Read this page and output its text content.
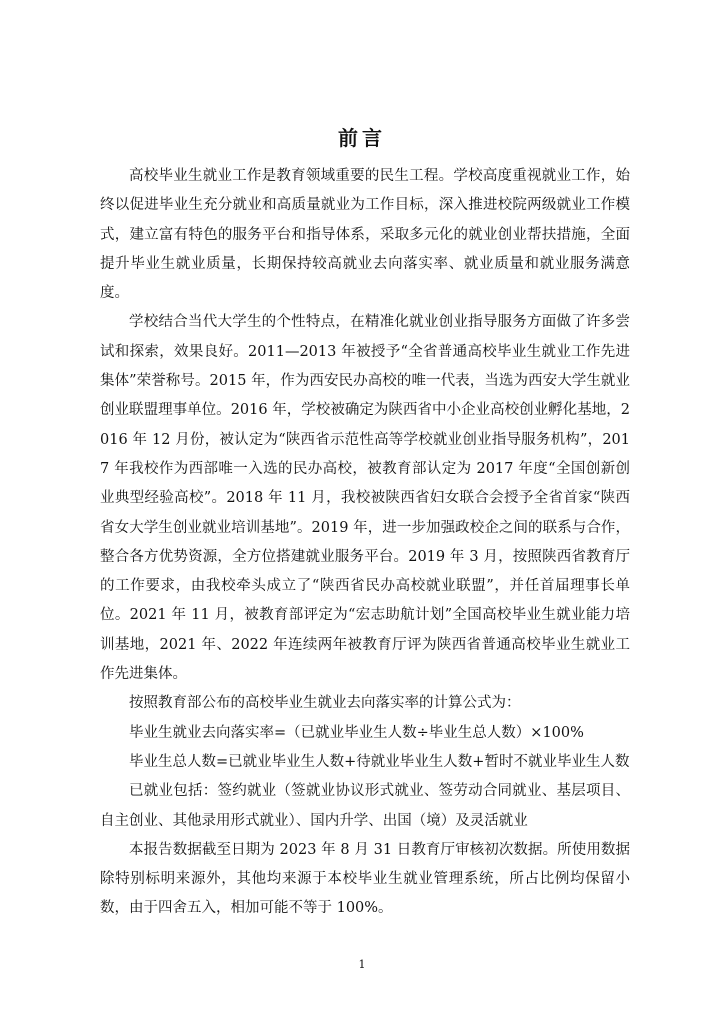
前言

高校毕业生就业工作是教育领域重要的民生工程。学校高度重视就业工作，始终以促进毕业生充分就业和高质量就业为工作目标，深入推进校院两级就业工作模式，建立富有特色的服务平台和指导体系，采取多元化的就业创业帮扶措施，全面提升毕业生就业质量，长期保持较高就业去向落实率、就业质量和就业服务满意度。

学校结合当代大学生的个性特点，在精准化就业创业指导服务方面做了许多尝试和探索，效果良好。2011—2013 年被授予“全省普通高校毕业生就业工作先进集体”荣誉称号。2015 年，作为西安民办高校的唯一代表，当选为西安大学生就业创业联盟理事单位。2016 年，学校被确定为陕西省中小企业高校创业孵化基地，2016 年 12 月份，被认定为“陕西省示范性高等学校就业创业指导服务机构”，2017 年我校作为西部唯一入选的民办高校，被教育部认定为 2017 年度“全国创新创业典型经验高校”。2018 年 11 月，我校被陕西省妇女联合会授予全省首家“陕西省女大学生创业就业培训基地”。2019 年，进一步加强政校企之间的联系与合作，整合各方优势资源，全方位搭建就业服务平台。2019 年 3 月，按照陕西省教育厅的工作要求，由我校牵头成立了“陕西省民办高校就业联盟”，并任首届理事长单位。2021 年 11 月，被教育部评定为“宏志助航计划”全国高校毕业生就业能力培训基地，2021 年、2022 年连续两年被教育厅评为陕西省普通高校毕业生就业工作先进集体。

按照教育部公布的高校毕业生就业去向落实率的计算公式为：

毕业生就业去向落实率=（已就业毕业生人数÷毕业生总人数）×100%

毕业生总人数=已就业毕业生人数+待就业毕业生人数+暂时不就业毕业生人数

已就业包括：签约就业（签就业协议形式就业、签劳动合同就业、基层项目、自主创业、其他录用形式就业）、国内升学、出国（境）及灵活就业

本报告数据截至日期为 2023 年 8 月 31 日教育厅审核初次数据。所使用数据除特别标明来源外，其他均来源于本校毕业生就业管理系统，所占比例均保留小数，由于四舍五入，相加可能不等于 100%。

1
